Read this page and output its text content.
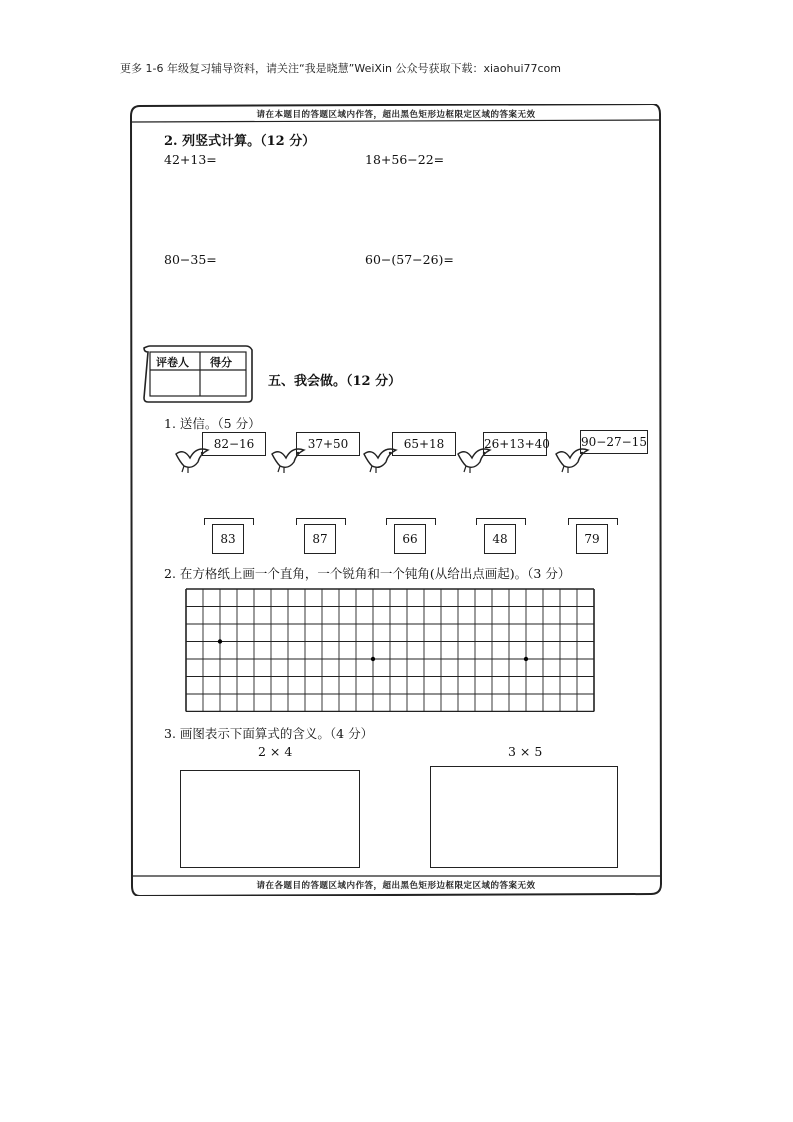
更多 1-6 年级复习辅导资料，请关注“我是晓慧”WeiXin 公众号获取下载：xiaohui77com
请在本题目的答题区域内作答，超出黑色矩形边框限定区域的答案无效
2. 列竖式计算。（12 分）
42+13=	18+56−22=
80−35=	60−(57−26)=
评卷人 得分
五、我会做。（12 分）
1. 送信。（5 分）
82−16	37+50	65+18	26+13+40	90−27−15
83	87	66	48	79
2. 在方格纸上画一个直角，一个锐角和一个钝角(从给出点画起)。（3 分）
3. 画图表示下面算式的含义。（4 分）
2 × 4	3 × 5
请在各题目的答题区域内作答，超出黑色矩形边框限定区域的答案无效
